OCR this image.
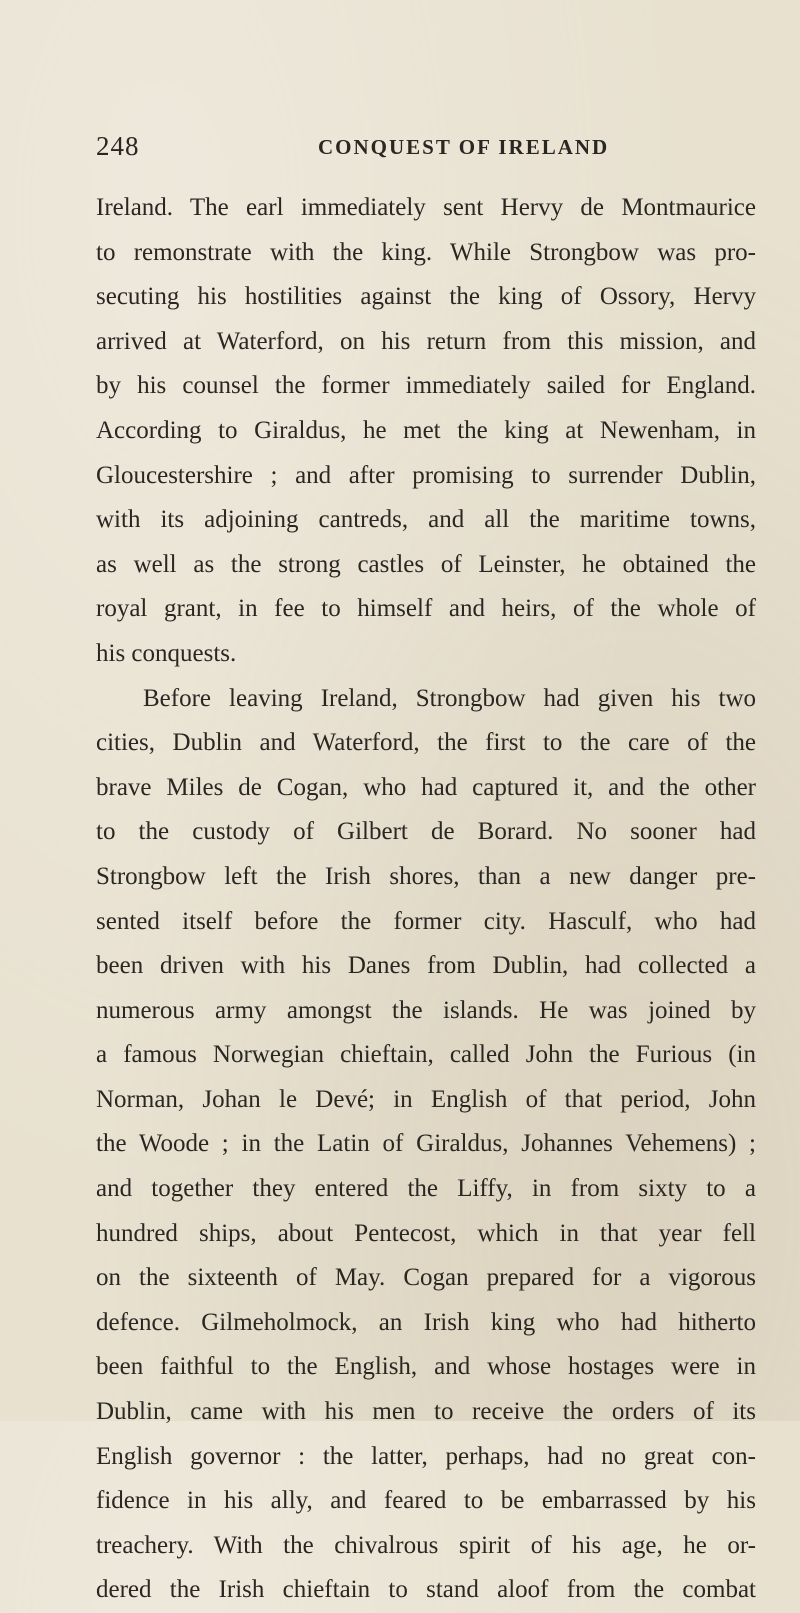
248	CONQUEST OF IRELAND
Ireland. The earl immediately sent Hervy de Montmaurice
to remonstrate with the king. While Strongbow was pro-
secuting his hostilities against the king of Ossory, Hervy
arrived at Waterford, on his return from this mission, and
by his counsel the former immediately sailed for England.
According to Giraldus, he met the king at Newenham, in
Gloucestershire ; and after promising to surrender Dublin,
with its adjoining cantreds, and all the maritime towns,
as well as the strong castles of Leinster, he obtained the
royal grant, in fee to himself and heirs, of the whole of
his conquests.
Before leaving Ireland, Strongbow had given his two
cities, Dublin and Waterford, the first to the care of the
brave Miles de Cogan, who had captured it, and the other
to the custody of Gilbert de Borard. No sooner had
Strongbow left the Irish shores, than a new danger pre-
sented itself before the former city. Hasculf, who had
been driven with his Danes from Dublin, had collected a
numerous army amongst the islands. He was joined by
a famous Norwegian chieftain, called John the Furious (in
Norman, Johan le Devé; in English of that period, John
the Woode ; in the Latin of Giraldus, Johannes Vehemens) ;
and together they entered the Liffy, in from sixty to a
hundred ships, about Pentecost, which in that year fell
on the sixteenth of May. Cogan prepared for a vigorous
defence. Gilmeholmock, an Irish king who had hitherto
been faithful to the English, and whose hostages were in
Dublin, came with his men to receive the orders of its
English governor : the latter, perhaps, had no great con-
fidence in his ally, and feared to be embarrassed by his
treachery. With the chivalrous spirit of his age, he or-
dered the Irish chieftain to stand aloof from the combat
